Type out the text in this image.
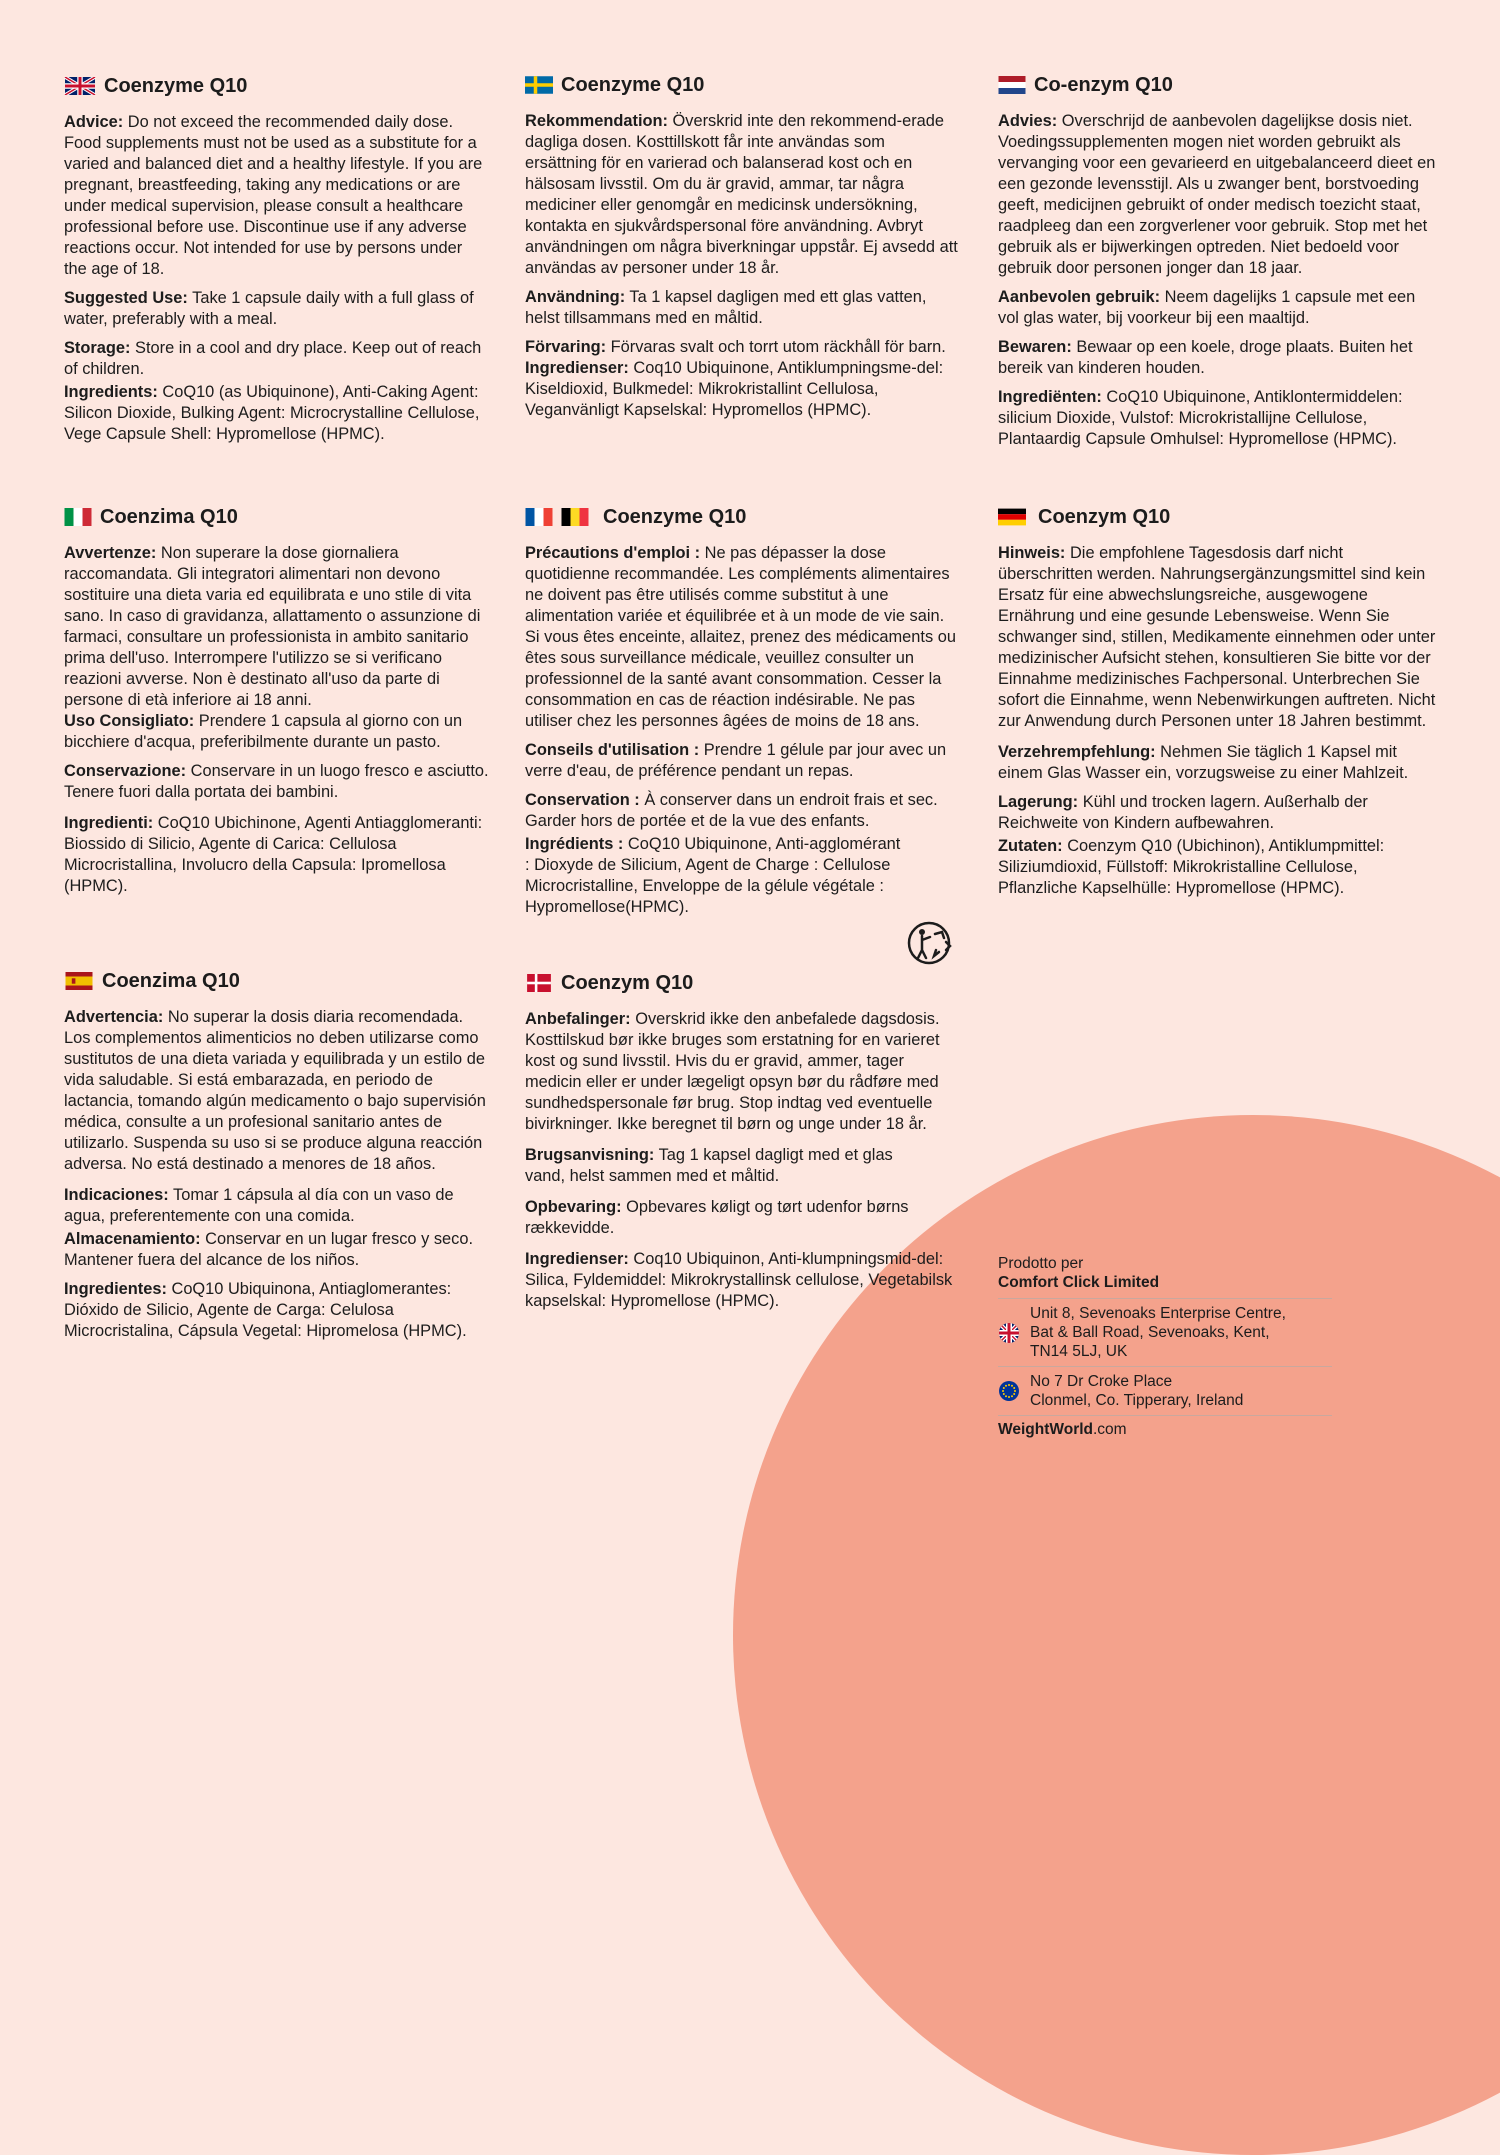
Coenzyme Q10

Advice: Do not exceed the recommended daily dose. Food supplements must not be used as a substitute for a varied and balanced diet and a healthy lifestyle. If you are pregnant, breastfeeding, taking any medications or are under medical supervision, please consult a healthcare professional before use. Discontinue use if any adverse reactions occur. Not intended for use by persons under the age of 18.

Suggested Use: Take 1 capsule daily with a full glass of water, preferably with a meal.

Storage: Store in a cool and dry place. Keep out of reach of children.

Ingredients: CoQ10 (as Ubiquinone), Anti-Caking Agent: Silicon Dioxide, Bulking Agent: Microcrystalline Cellulose, Vege Capsule Shell: Hypromellose (HPMC).

Coenzyme Q10

Rekommendation: Överskrid inte den rekommend-erade dagliga dosen. Kosttillskott får inte användas som ersättning för en varierad och balanserad kost och en hälsosam livsstil. Om du är gravid, ammar, tar några mediciner eller genomgår en medicinsk undersökning, kontakta en sjukvårdspersonal före användning. Avbryt användningen om några biverkningar uppstår. Ej avsedd att användas av personer under 18 år.

Användning: Ta 1 kapsel dagligen med ett glas vatten, helst tillsammans med en måltid.

Förvaring: Förvaras svalt och torrt utom räckhåll för barn.

Ingredienser: Coq10 Ubiquinone, Antiklumpningsme-del: Kiseldioxid, Bulkmedel: Mikrokristallint Cellulosa, Veganvänligt Kapselskal: Hypromellos (HPMC).

Co-enzym Q10

Advies: Overschrijd de aanbevolen dagelijkse dosis niet. Voedingssupplementen mogen niet worden gebruikt als vervanging voor een gevarieerd en uitgebalanceerd dieet en een gezonde levensstijl. Als u zwanger bent, borstvoeding geeft, medicijnen gebruikt of onder medisch toezicht staat, raadpleeg dan een zorgverlener voor gebruik. Stop met het gebruik als er bijwerkingen optreden. Niet bedoeld voor gebruik door personen jonger dan 18 jaar.

Aanbevolen gebruik: Neem dagelijks 1 capsule met een vol glas water, bij voorkeur bij een maaltijd.

Bewaren: Bewaar op een koele, droge plaats. Buiten het bereik van kinderen houden.

Ingrediënten: CoQ10 Ubiquinone, Antiklontermiddelen: silicium Dioxide, Vulstof: Microkristallijne Cellulose, Plantaardig Capsule Omhulsel: Hypromellose (HPMC).

Coenzima Q10

Avvertenze: Non superare la dose giornaliera raccomandata. Gli integratori alimentari non devono sostituire una dieta varia ed equilibrata e uno stile di vita sano. In caso di gravidanza, allattamento o assunzione di farmaci, consultare un professionista in ambito sanitario prima dell'uso. Interrompere l'utilizzo se si verificano reazioni avverse. Non è destinato all'uso da parte di persone di età inferiore ai 18 anni.

Uso Consigliato: Prendere 1 capsula al giorno con un bicchiere d'acqua, preferibilmente durante un pasto.

Conservazione: Conservare in un luogo fresco e asciutto. Tenere fuori dalla portata dei bambini.

Ingredienti: CoQ10 Ubichinone, Agenti Antiagglomeranti: Biossido di Silicio, Agente di Carica: Cellulosa Microcristallina, Involucro della Capsula: Ipromellosa (HPMC).

Coenzyme Q10

Précautions d'emploi : Ne pas dépasser la dose quotidienne recommandée. Les compléments alimentaires ne doivent pas être utilisés comme substitut à une alimentation variée et équilibrée et à un mode de vie sain. Si vous êtes enceinte, allaitez, prenez des médicaments ou êtes sous surveillance médicale, veuillez consulter un professionnel de la santé avant consommation. Cesser la consommation en cas de réaction indésirable. Ne pas utiliser chez les personnes âgées de moins de 18 ans.

Conseils d'utilisation : Prendre 1 gélule par jour avec un verre d'eau, de préférence pendant un repas.

Conservation : À conserver dans un endroit frais et sec. Garder hors de portée et de la vue des enfants.

Ingrédients : CoQ10 Ubiquinone, Anti-agglomérant : Dioxyde de Silicium, Agent de Charge : Cellulose Microcristalline, Enveloppe de la gélule végétale : Hypromellose(HPMC).

Coenzym Q10

Hinweis: Die empfohlene Tagesdosis darf nicht überschritten werden. Nahrungsergänzungsmittel sind kein Ersatz für eine abwechslungsreiche, ausgewogene Ernährung und eine gesunde Lebensweise. Wenn Sie schwanger sind, stillen, Medikamente einnehmen oder unter medizinischer Aufsicht stehen, konsultieren Sie bitte vor der Einnahme medizinisches Fachpersonal. Unterbrechen Sie sofort die Einnahme, wenn Nebenwirkungen auftreten. Nicht zur Anwendung durch Personen unter 18 Jahren bestimmt.

Verzehrempfehlung: Nehmen Sie täglich 1 Kapsel mit einem Glas Wasser ein, vorzugsweise zu einer Mahlzeit.

Lagerung: Kühl und trocken lagern. Außerhalb der Reichweite von Kindern aufbewahren.

Zutaten: Coenzym Q10 (Ubichinon), Antiklumpmittel: Siliziumdioxid, Füllstoff: Mikrokristalline Cellulose, Pflanzliche Kapselhülle: Hypromellose (HPMC).

Coenzima Q10

Advertencia: No superar la dosis diaria recomendada. Los complementos alimenticios no deben utilizarse como sustitutos de una dieta variada y equilibrada y un estilo de vida saludable. Si está embarazada, en periodo de lactancia, tomando algún medicamento o bajo supervisión médica, consulte a un profesional sanitario antes de utilizarlo. Suspenda su uso si se produce alguna reacción adversa. No está destinado a menores de 18 años.

Indicaciones: Tomar 1 cápsula al día con un vaso de agua, preferentemente con una comida.

Almacenamiento: Conservar en un lugar fresco y seco. Mantener fuera del alcance de los niños.

Ingredientes: CoQ10 Ubiquinona, Antiaglomerantes: Dióxido de Silicio, Agente de Carga: Celulosa Microcristalina, Cápsula Vegetal: Hipromelosa (HPMC).

Coenzym Q10

Anbefalinger: Overskrid ikke den anbefalede dagsdosis. Kosttilskud bør ikke bruges som erstatning for en varieret kost og sund livsstil. Hvis du er gravid, ammer, tager medicin eller er under lægeligt opsyn bør du rådføre med sundhedspersonale før brug. Stop indtag ved eventuelle bivirkninger. Ikke beregnet til børn og unge under 18 år.

Brugsanvisning: Tag 1 kapsel dagligt med et glas vand, helst sammen med et måltid.

Opbevaring: Opbevares køligt og tørt udenfor børns rækkevidde.

Ingredienser: Coq10 Ubiquinon, Anti-klumpningsmid-del: Silica, Fyldemiddel: Mikrokrystallinsk cellulose, Vegetabilsk kapselskal: Hypromellose (HPMC).

Prodotto per
Comfort Click Limited
Unit 8, Sevenoaks Enterprise Centre,
Bat & Ball Road, Sevenoaks, Kent,
TN14 5LJ, UK
No 7 Dr Croke Place
Clonmel, Co. Tipperary, Ireland
WeightWorld.com
